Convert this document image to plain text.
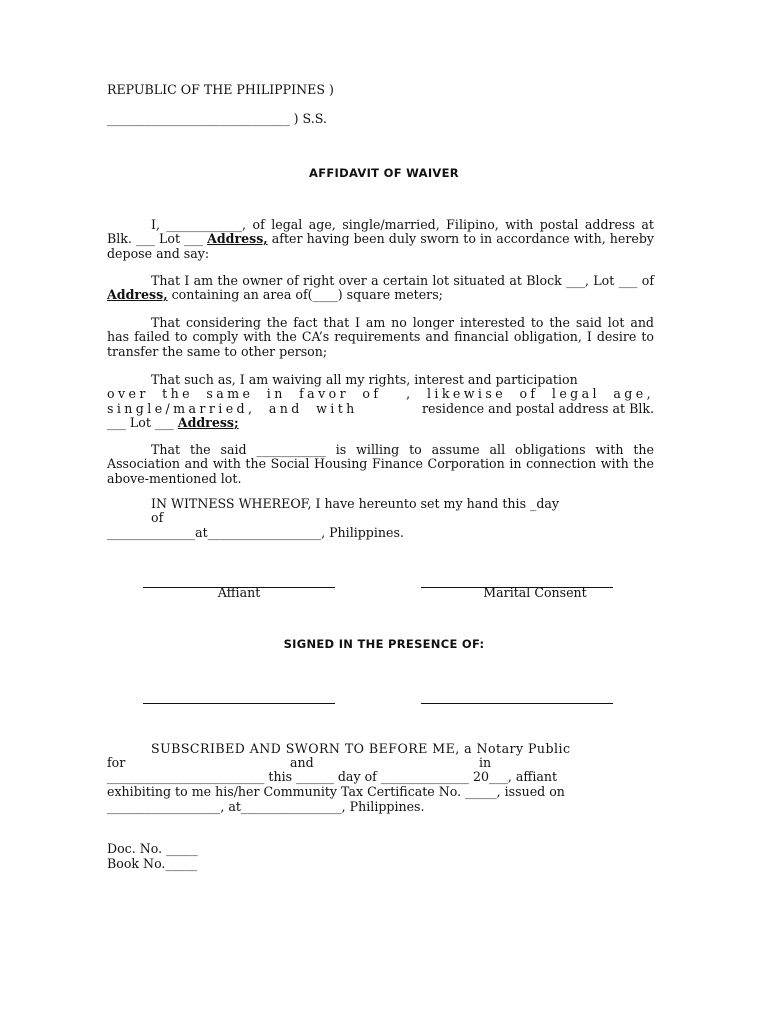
REPUBLIC OF THE PHILIPPINES )
_____________________________ ) S.S.
AFFIDAVIT OF WAIVER

I, ____________, of legal age, single/married, Filipino, with postal address at Blk. ___ Lot ___ Address, after having been duly sworn to in accordance with, hereby depose and say:

That I am the owner of right over a certain lot situated at Block ___, Lot ___ of Address, containing an area of(____) square meters;

That considering the fact that I am no longer interested to the said lot and has failed to comply with the CA’s requirements and financial obligation, I desire to transfer the same to other person;

That such as, I am waiving all my rights, interest and participation
over the same in favor of , likewise of legal age,
single/married, and with	residence and postal address at Blk.
___ Lot ___ Address;

That the said ___________ is willing to assume all obligations with the Association and with the Social Housing Finance Corporation in connection with the above-mentioned lot.

IN WITNESS WHEREOF, I have hereunto set my hand this _day
of
______________at__________________, Philippines.
Affiant	Marital Consent
SIGNED IN THE PRESENCE OF:
SUBSCRIBED AND SWORN TO BEFORE ME, a Notary Public
for	and	in
_________________________ this ______ day of ______________ 20___, affiant
exhibiting to me his/her Community Tax Certificate No. _____, issued on
__________________, at________________, Philippines.
Doc. No. _____
Book No._____
